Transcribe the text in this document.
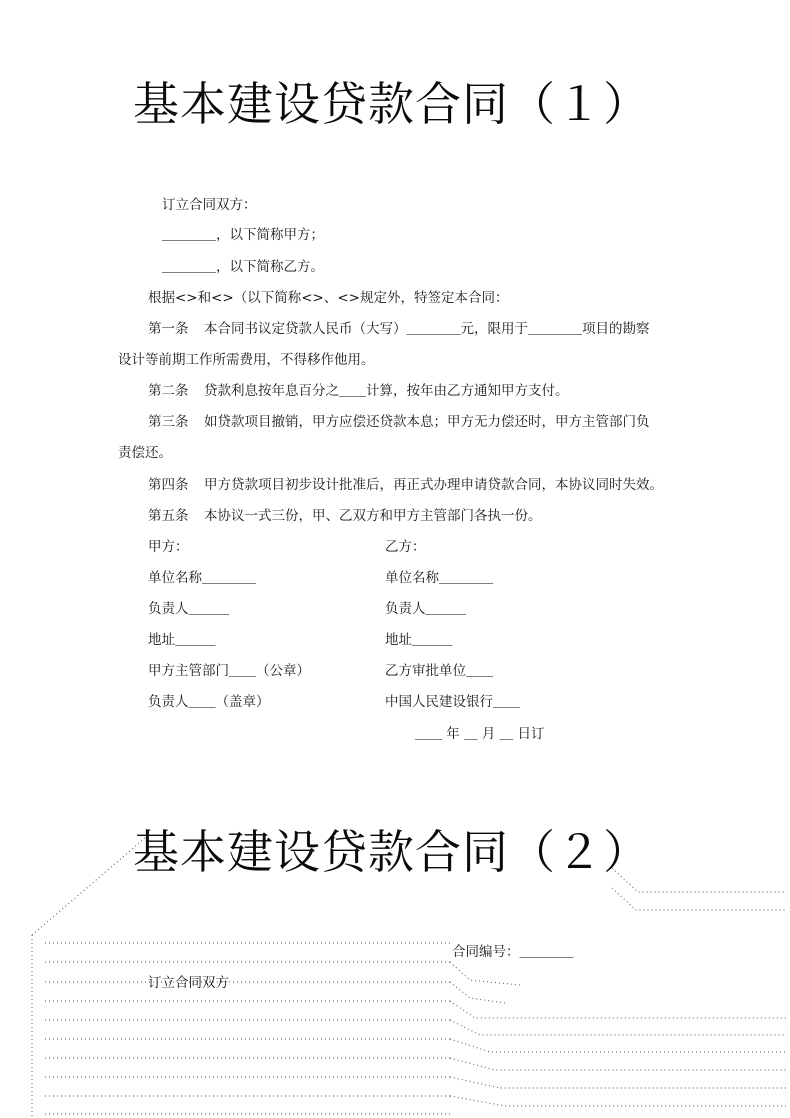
基本建设贷款合同（１）

订立合同双方：

＿＿＿＿，以下简称甲方；

＿＿＿＿，以下简称乙方。

根据<>和<>（以下简称<>、<>规定外，特签定本合同：

第一条 本合同书议定贷款人民币（大写）＿＿＿＿元，限用于＿＿＿＿项目的勘察

设计等前期工作所需费用，不得移作他用。

第二条 贷款利息按年息百分之＿＿计算，按年由乙方通知甲方支付。

第三条 如贷款项目撤销，甲方应偿还贷款本息；甲方无力偿还时，甲方主管部门负

责偿还。

第四条 甲方贷款项目初步设计批准后，再正式办理申请贷款合同，本协议同时失效。

第五条 本协议一式三份，甲、乙双方和甲方主管部门各执一份。

甲方：

单位名称＿＿＿＿

负责人＿＿＿

地址＿＿＿

甲方主管部门＿＿（公章）

负责人＿＿（盖章）

乙方：

单位名称＿＿＿＿

负责人＿＿＿

地址＿＿＿

乙方审批单位＿＿

中国人民建设银行＿＿

＿＿ 年 ＿ 月 ＿ 日订

基本建设贷款合同（２）

合同编号：＿＿＿＿

订立合同双方
